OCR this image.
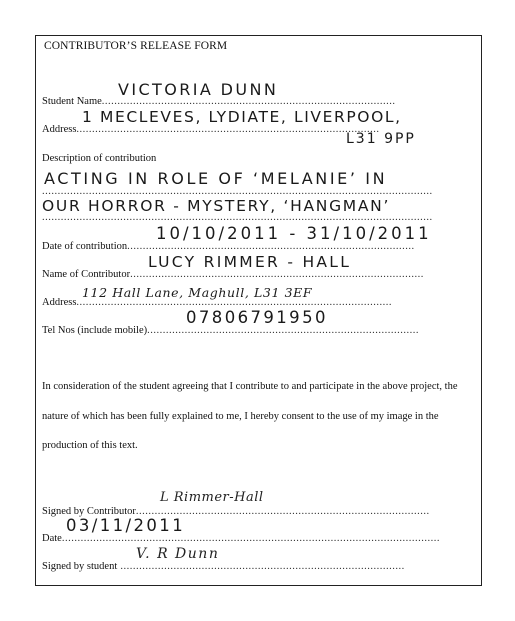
CONTRIBUTOR’S RELEASE FORM
Student Name..............................................................................................
VICTORIA DUNN
Address.................................................................................................
1 MECLEVES, LYDIATE, LIVERPOOL,
L31 9PP
Description of contribution
ACTING IN ROLE OF ‘MELANIE’ IN
.............................................................................................................................
OUR HORROR - MYSTERY, ‘HANGMAN’
.............................................................................................................................
Date of contribution............................................................................................
10/10/2011 - 31/10/2011
Name of Contributor..............................................................................................
LUCY RIMMER - HALL
Address.....................................................................................................
112 Hall Lane, Maghull, L31 3EF
Tel Nos (include mobile).......................................................................................
07806791950
In consideration of the student agreeing that I contribute to and participate in the above project, the nature of which has been fully explained to me, I hereby consent to the use of my image in the production of this text.
Signed by Contributor..............................................................................................
L Rimmer-Hall
Date.........................................................................................................................
03/11/2011
Signed by student ...........................................................................................
V. R Dunn
